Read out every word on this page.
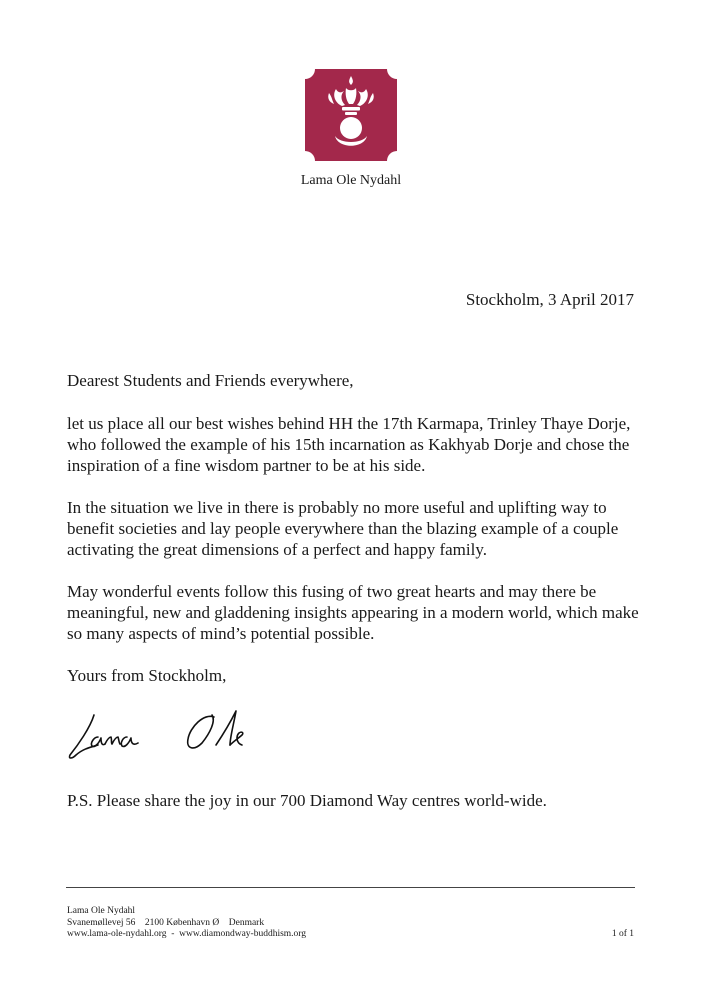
Lama Ole Nydahl
Stockholm, 3 April 2017

Dearest Students and Friends everywhere,

let us place all our best wishes behind HH the 17th Karmapa, Trinley Thaye Dorje, who followed the example of his 15th incarnation as Kakhyab Dorje and chose the inspiration of a fine wisdom partner to be at his side.

In the situation we live in there is probably no more useful and uplifting way to benefit societies and lay people everywhere than the blazing example of a couple activating the great dimensions of a perfect and happy family.

May wonderful events follow this fusing of two great hearts and may there be meaningful, new and gladdening insights appearing in a modern world, which make so many aspects of mind’s potential possible.

Yours from Stockholm,

P.S. Please share the joy in our 700 Diamond Way centres world-wide.

Lama Ole Nydahl
Svanemøllevej 56    2100 København Ø    Denmark
www.lama-ole-nydahl.org  -  www.diamondway-buddhism.org	1 of 1
